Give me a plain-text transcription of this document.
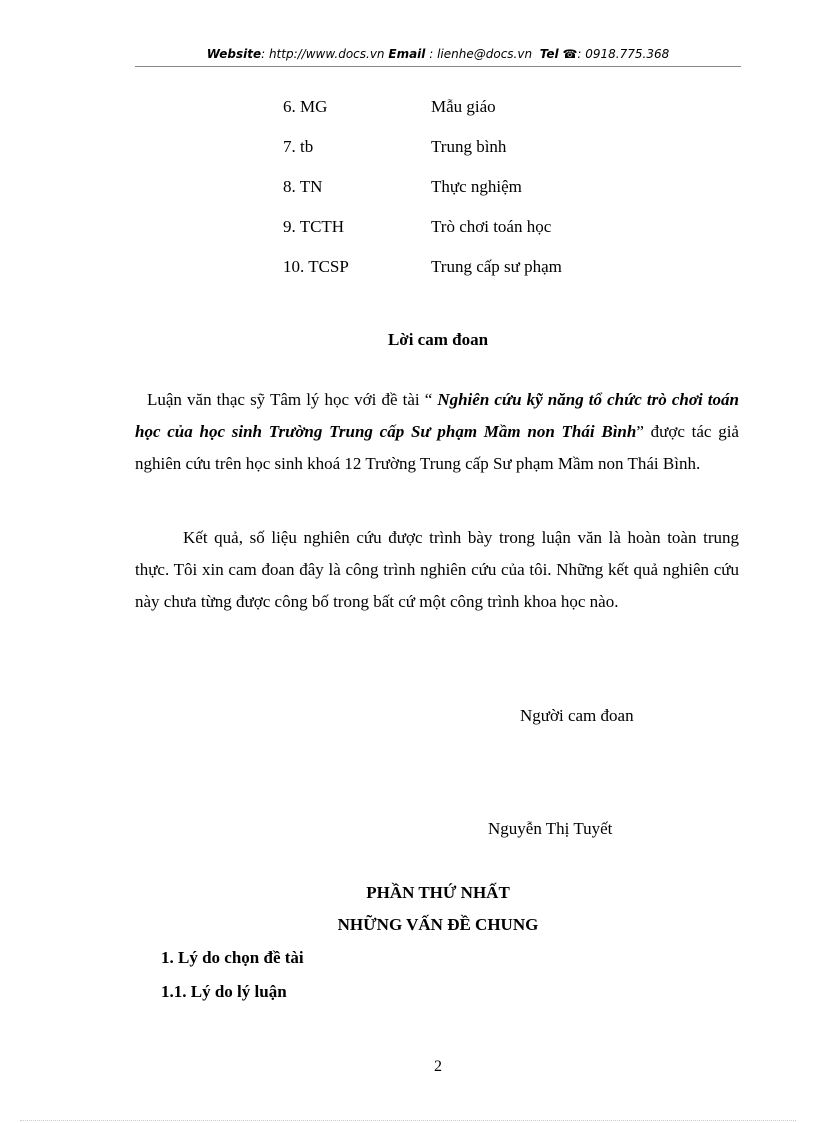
Website: http://www.docs.vn Email : lienhe@docs.vn Tel ☎: 0918.775.368
6. MG	Mẫu giáo
7. tb	Trung bình
8. TN	Thực nghiệm
9. TCTH	Trò chơi toán học
10. TCSP	Trung cấp sư phạm
Lời cam đoan
Luận văn thạc sỹ Tâm lý học với đề tài “ Nghiên cứu kỹ năng tổ chức trò chơi toán học của học sinh Trường Trung cấp Sư phạm Mầm non Thái Bình” được tác giả nghiên cứu trên học sinh khoá 12 Trường Trung cấp Sư phạm Mầm non Thái Bình.
Kết quả, số liệu nghiên cứu được trình bày trong luận văn là hoàn toàn trung thực. Tôi xin cam đoan đây là công trình nghiên cứu của tôi. Những kết quả nghiên cứu này chưa từng được công bố trong bất cứ một công trình khoa học nào.
Người cam đoan
Nguyễn Thị Tuyết
PHẦN THỨ NHẤT
NHỮNG VẤN ĐỀ CHUNG
1. Lý do chọn đề tài
1.1. Lý do lý luận
2
